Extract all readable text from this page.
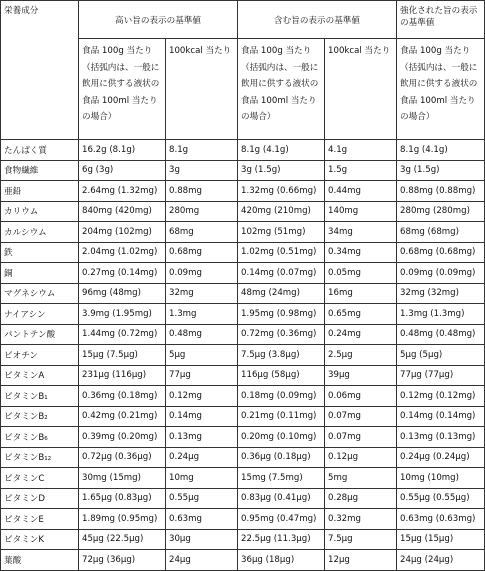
栄養成分	高い旨の表示の基準値		含む旨の表示の基準値		強化された旨の表示の基準値
	食品 100g 当たり（括弧内は、一般に飲用に供する液状の食品 100ml 当たりの場合）	100kcal 当たり	食品 100g 当たり（括弧内は、一般に飲用に供する液状の食品 100ml 当たりの場合）	100kcal 当たり	食品 100g 当たり（括弧内は、一般に飲用に供する液状の食品 100ml 当たりの場合）
たんぱく質	16.2g (8.1g)	8.1g	8.1g (4.1g)	4.1g	8.1g (4.1g)
食物繊維	6g (3g)	3g	3g (1.5g)	1.5g	3g (1.5g)
亜鉛	2.64mg (1.32mg)	0.88mg	1.32mg (0.66mg)	0.44mg	0.88mg (0.88mg)
カリウム	840mg (420mg)	280mg	420mg (210mg)	140mg	280mg (280mg)
カルシウム	204mg (102mg)	68mg	102mg (51mg)	34mg	68mg (68mg)
鉄	2.04mg (1.02mg)	0.68mg	1.02mg (0.51mg)	0.34mg	0.68mg (0.68mg)
銅	0.27mg (0.14mg)	0.09mg	0.14mg (0.07mg)	0.05mg	0.09mg (0.09mg)
マグネシウム	96mg (48mg)	32mg	48mg (24mg)	16mg	32mg (32mg)
ナイアシン	3.9mg (1.95mg)	1.3mg	1.95mg (0.98mg)	0.65mg	1.3mg (1.3mg)
パントテン酸	1.44mg (0.72mg)	0.48mg	0.72mg (0.36mg)	0.24mg	0.48mg (0.48mg)
ビオチン	15μg (7.5μg)	5μg	7.5μg (3.8μg)	2.5μg	5μg (5μg)
ビタミンA	231μg (116μg)	77μg	116μg (58μg)	39μg	77μg (77μg)
ビタミンB₁	0.36mg (0.18mg)	0.12mg	0.18mg (0.09mg)	0.06mg	0.12mg (0.12mg)
ビタミンB₂	0.42mg (0.21mg)	0.14mg	0.21mg (0.11mg)	0.07mg	0.14mg (0.14mg)
ビタミンB₆	0.39mg (0.20mg)	0.13mg	0.20mg (0.10mg)	0.07mg	0.13mg (0.13mg)
ビタミンB₁₂	0.72μg (0.36μg)	0.24μg	0.36μg (0.18μg)	0.12μg	0.24μg (0.24μg)
ビタミンC	30mg (15mg)	10mg	15mg (7.5mg)	5mg	10mg (10mg)
ビタミンD	1.65μg (0.83μg)	0.55μg	0.83μg (0.41μg)	0.28μg	0.55μg (0.55μg)
ビタミンE	1.89mg (0.95mg)	0.63mg	0.95mg (0.47mg)	0.32mg	0.63mg (0.63mg)
ビタミンK	45μg (22.5μg)	30μg	22.5μg (11.3μg)	7.5μg	15μg (15μg)
葉酸	72μg (36μg)	24μg	36μg (18μg)	12μg	24μg (24μg)
